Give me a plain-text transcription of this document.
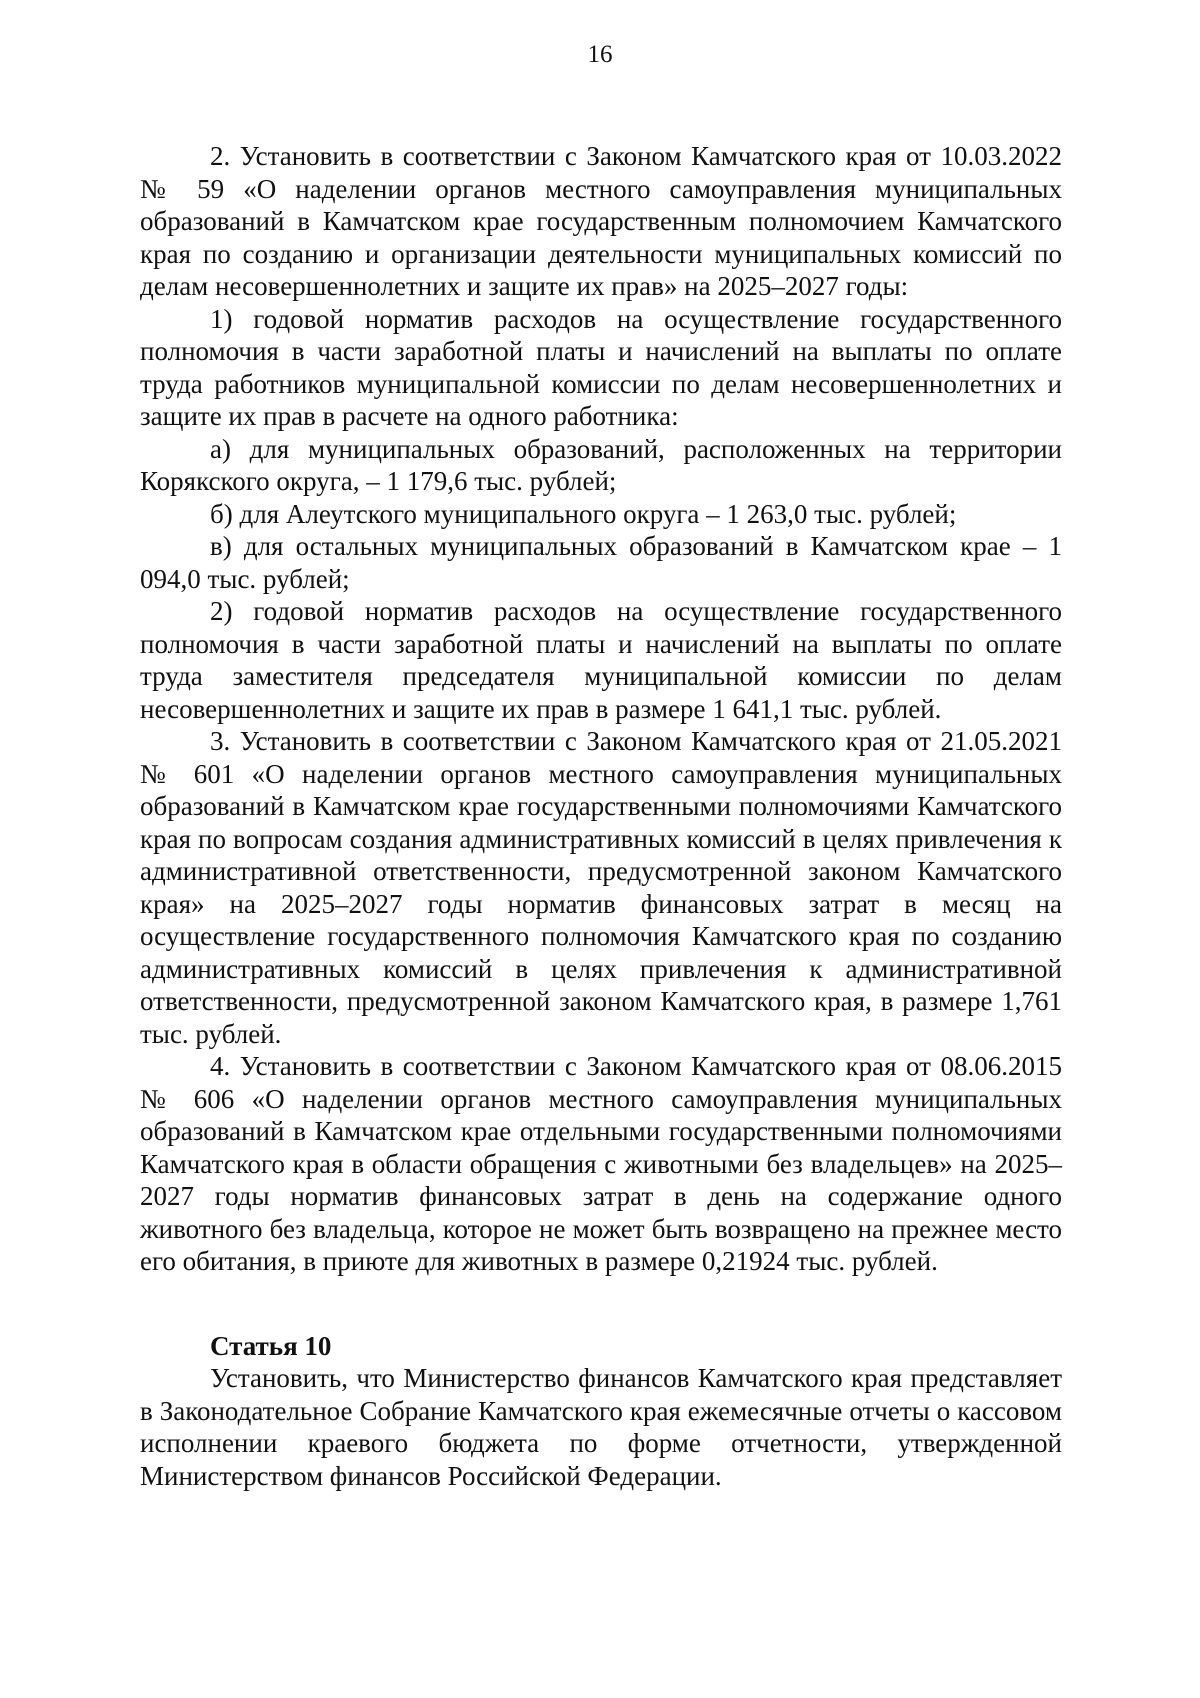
16

2. Установить в соответствии с Законом Камчатского края от 10.03.2022 № 59 «О наделении органов местного самоуправления муниципальных образований в Камчатском крае государственным полномочием Камчатского края по созданию и организации деятельности муниципальных комиссий по делам несовершеннолетних и защите их прав» на 2025–2027 годы:

1) годовой норматив расходов на осуществление государственного полномочия в части заработной платы и начислений на выплаты по оплате труда работников муниципальной комиссии по делам несовершеннолетних и защите их прав в расчете на одного работника:

а) для муниципальных образований, расположенных на территории Корякского округа, – 1 179,6 тыс. рублей;

б) для Алеутского муниципального округа – 1 263,0 тыс. рублей;

в) для остальных муниципальных образований в Камчатском крае – 1 094,0 тыс. рублей;

2) годовой норматив расходов на осуществление государственного полномочия в части заработной платы и начислений на выплаты по оплате труда заместителя председателя муниципальной комиссии по делам несовершеннолетних и защите их прав в размере 1 641,1 тыс. рублей.

3. Установить в соответствии с Законом Камчатского края от 21.05.2021 № 601 «О наделении органов местного самоуправления муниципальных образований в Камчатском крае государственными полномочиями Камчатского края по вопросам создания административных комиссий в целях привлечения к административной ответственности, предусмотренной законом Камчатского края» на 2025–2027 годы норматив финансовых затрат в месяц на осуществление государственного полномочия Камчатского края по созданию административных комиссий в целях привлечения к административной ответственности, предусмотренной законом Камчатского края, в размере 1,761 тыс. рублей.

4. Установить в соответствии с Законом Камчатского края от 08.06.2015 № 606 «О наделении органов местного самоуправления муниципальных образований в Камчатском крае отдельными государственными полномочиями Камчатского края в области обращения с животными без владельцев» на 2025–2027 годы норматив финансовых затрат в день на содержание одного животного без владельца, которое не может быть возвращено на прежнее место его обитания, в приюте для животных в размере 0,21924 тыс. рублей.

Статья 10

Установить, что Министерство финансов Камчатского края представляет в Законодательное Собрание Камчатского края ежемесячные отчеты о кассовом исполнении краевого бюджета по форме отчетности, утвержденной Министерством финансов Российской Федерации.
